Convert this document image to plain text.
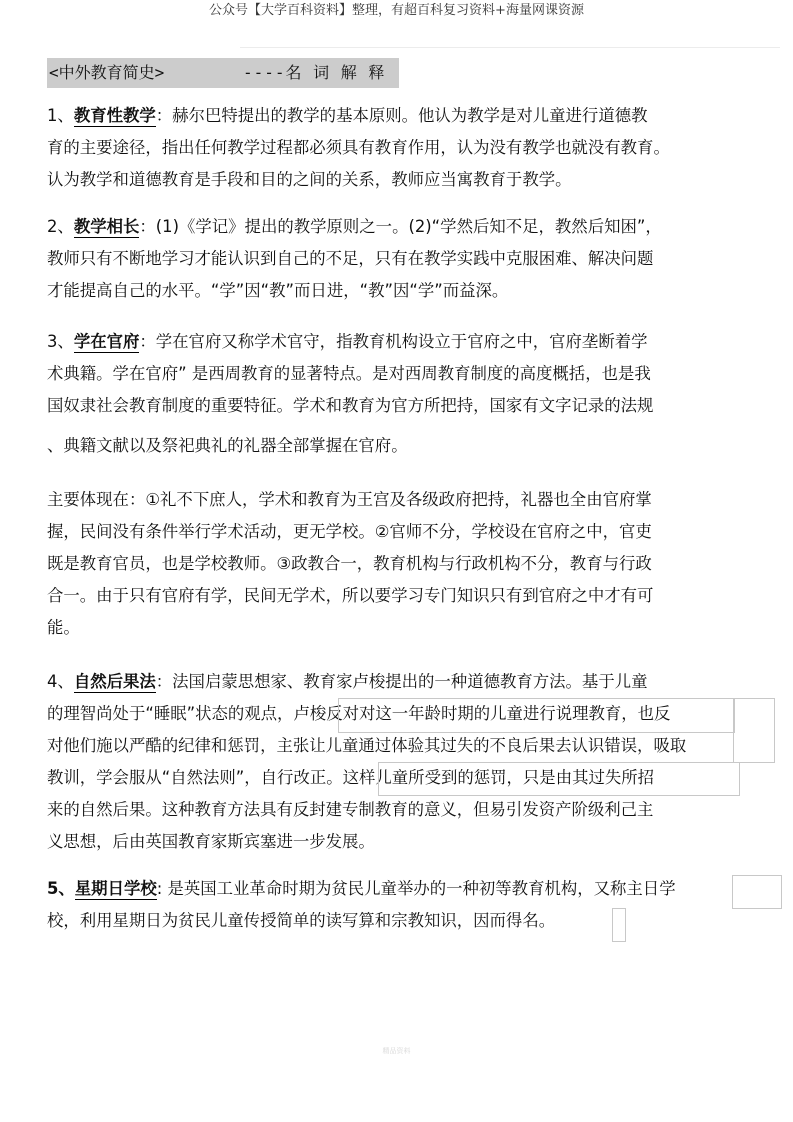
公众号【大学百科资料】整理，有超百科复习资料+海量网课资源

<中外教育简史>

	----名 词 解 释

1、教育性教学：赫尔巴特提出的教学的基本原则。他认为教学是对儿童进行道德教
育的主要途径，指出任何教学过程都必须具有教育作用，认为没有教学也就没有教育。
认为教学和道德教育是手段和目的之间的关系，教师应当寓教育于教学。
2、教学相长：(1)《学记》提出的教学原则之一。(2)“学然后知不足，教然后知困”，
教师只有不断地学习才能认识到自己的不足，只有在教学实践中克服困难、解决问题
才能提高自己的水平。“学”因“教”而日进，“教”因“学”而益深。
3、学在官府：学在官府又称学术官守，指教育机构设立于官府之中，官府垄断着学
术典籍。学在官府” 是西周教育的显著特点。是对西周教育制度的高度概括，也是我
国奴隶社会教育制度的重要特征。学术和教育为官方所把持，国家有文字记录的法规
、典籍文献以及祭祀典礼的礼器全部掌握在官府。
主要体现在：①礼不下庶人，学术和教育为王宫及各级政府把持，礼器也全由官府掌
握，民间没有条件举行学术活动，更无学校。②官师不分，学校设在官府之中，官吏
既是教育官员，也是学校教师。③政教合一，教育机构与行政机构不分，教育与行政
合一。由于只有官府有学，民间无学术，所以要学习专门知识只有到官府之中才有可
能。
4、自然后果法：法国启蒙思想家、教育家卢梭提出的一种道德教育方法。基于儿童
的理智尚处于“睡眠”状态的观点，卢梭反对对这一年龄时期的儿童进行说理教育，也反
对他们施以严酷的纪律和惩罚，主张让儿童通过体验其过失的不良后果去认识错误，吸取
教训，学会服从“自然法则”，自行改正。这样儿童所受到的惩罚，只是由其过失所招
来的自然后果。这种教育方法具有反封建专制教育的意义，但易引发资产阶级利己主
义思想，后由英国教育家斯宾塞进一步发展。
5、星期日学校: 是英国工业革命时期为贫民儿童举办的一种初等教育机构，又称主日学
校，利用星期日为贫民儿童传授简单的读写算和宗教知识，因而得名。
精品资料
